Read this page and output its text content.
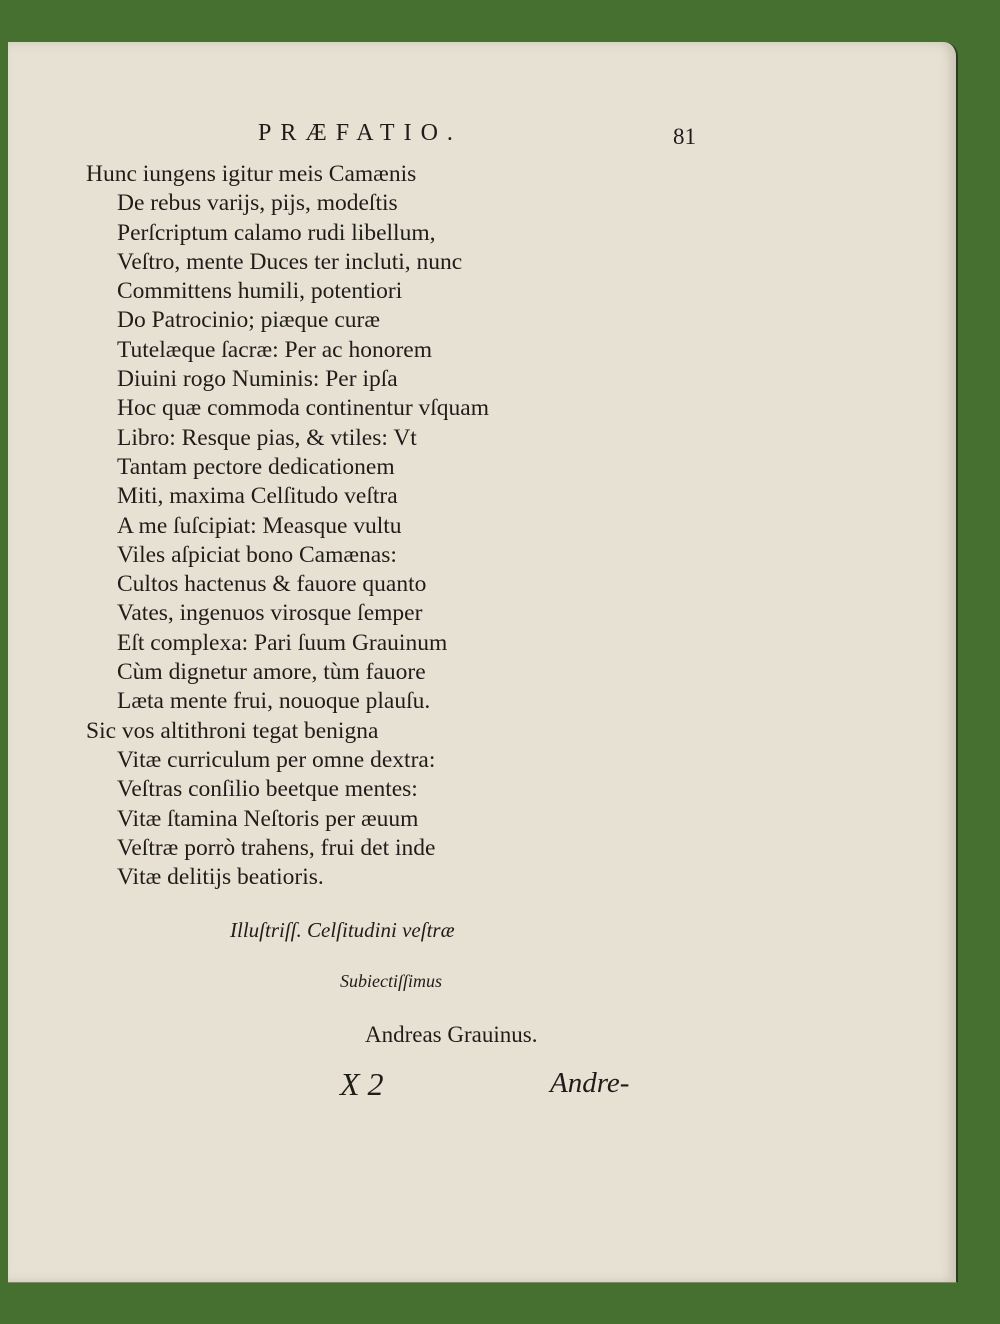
PRÆFATIO.	81
Hunc iungens igitur meis Camænis
De rebus varijs, pijs, modeſtis
Perſcriptum calamo rudi libellum,
Veſtro, mente Duces ter incluti, nunc
Committens humili, potentiori
Do Patrocinio; piæque curæ
Tutelæque ſacræ: Per ac honorem
Diuini rogo Numinis: Per ipſa
Hoc quæ commoda continentur vſquam
Libro: Resque pias, & vtiles: Vt
Tantam pectore dedicationem
Miti, maxima Celſitudo veſtra
A me ſuſcipiat: Measque vultu
Viles aſpiciat bono Camænas:
Cultos hactenus & fauore quanto
Vates, ingenuos virosque ſemper
Eſt complexa: Pari ſuum Grauinum
Cùm dignetur amore, tùm fauore
Læta mente frui, nouoque plauſu.
Sic vos altithroni tegat benigna
Vitæ curriculum per omne dextra:
Veſtras conſilio beetque mentes:
Vitæ ſtamina Neſtoris per æuum
Veſtræ porrò trahens, frui det inde
Vitæ delitijs beatioris.
Illuſtriſſ. Celſitudini veſtræ
Subiectiſſimus
Andreas Grauinus.
X 2	Andre-
